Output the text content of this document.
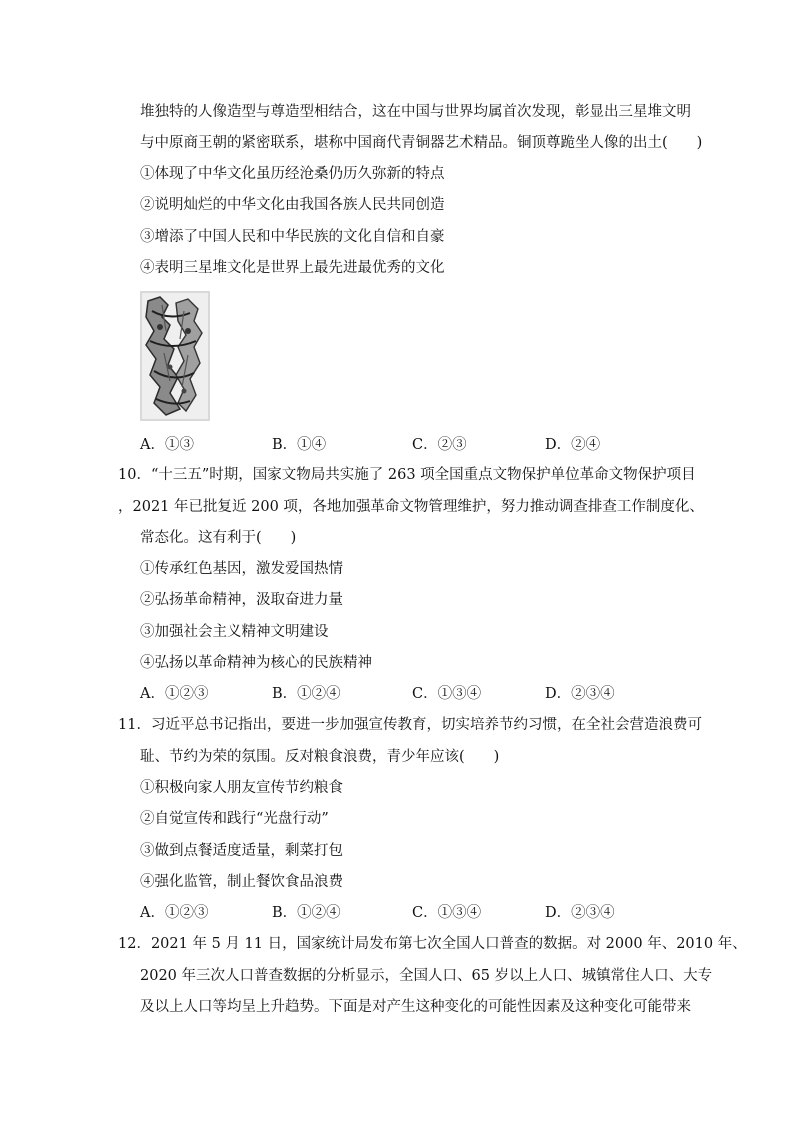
堆独特的人像造型与尊造型相结合，这在中国与世界均属首次发现，彰显出三星堆文明
与中原商王朝的紧密联系，堪称中国商代青铜器艺术精品。铜顶尊跪坐人像的出土(　　)
①体现了中华文化虽历经沧桑仍历久弥新的特点
②说明灿烂的中华文化由我国各族人民共同创造
③增添了中国人民和中华民族的文化自信和自豪
④表明三星堆文化是世界上最先进最优秀的文化
A．①③	B．①④	C．②③	D．②④
10．“十三五”时期，国家文物局共实施了 263 项全国重点文物保护单位革命文物保护项目
，2021 年已批复近 200 项，各地加强革命文物管理维护，努力推动调查排查工作制度化、
常态化。这有利于(　　)
①传承红色基因，激发爱国热情
②弘扬革命精神，汲取奋进力量
③加强社会主义精神文明建设
④弘扬以革命精神为核心的民族精神
A．①②③	B．①②④	C．①③④	D．②③④
11．习近平总书记指出，要进一步加强宣传教育，切实培养节约习惯，在全社会营造浪费可
耻、节约为荣的氛围。反对粮食浪费，青少年应该(　　)
①积极向家人朋友宣传节约粮食
②自觉宣传和践行“光盘行动”
③做到点餐适度适量，剩菜打包
④强化监管，制止餐饮食品浪费
A．①②③	B．①②④	C．①③④	D．②③④
12．2021 年 5 月 11 日，国家统计局发布第七次全国人口普查的数据。对 2000 年、2010 年、
2020 年三次人口普查数据的分析显示，全国人口、65 岁以上人口、城镇常住人口、大专
及以上人口等均呈上升趋势。下面是对产生这种变化的可能性因素及这种变化可能带来
